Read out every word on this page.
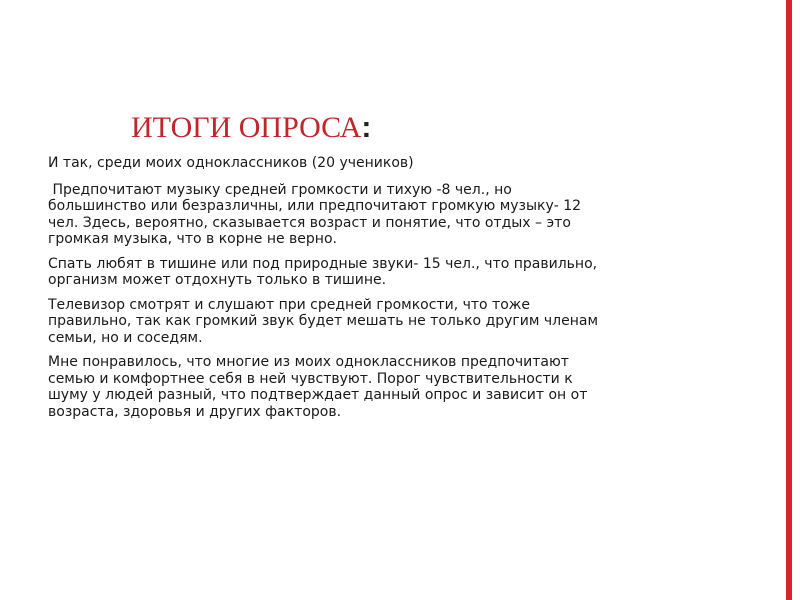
ИТОГИ ОПРОСА:

И так, среди моих одноклассников (20 учеников)

Предпочитают музыку средней громкости и тихую -8 чел., но
большинство или безразличны, или предпочитают громкую музыку- 12
чел. Здесь, вероятно, сказывается возраст и понятие, что отдых – это
громкая музыка, что в корне не верно.

Спать любят в тишине или под природные звуки- 15 чел., что правильно,
организм может отдохнуть только в тишине.

Телевизор смотрят и слушают при средней громкости, что тоже
правильно, так как громкий звук будет мешать не только другим членам
семьи, но и соседям.

Мне понравилось, что многие из моих одноклассников предпочитают
семью и комфортнее себя в ней чувствуют. Порог чувствительности к
шуму у людей разный, что подтверждает данный опрос и зависит он от
возраста, здоровья и других факторов.
